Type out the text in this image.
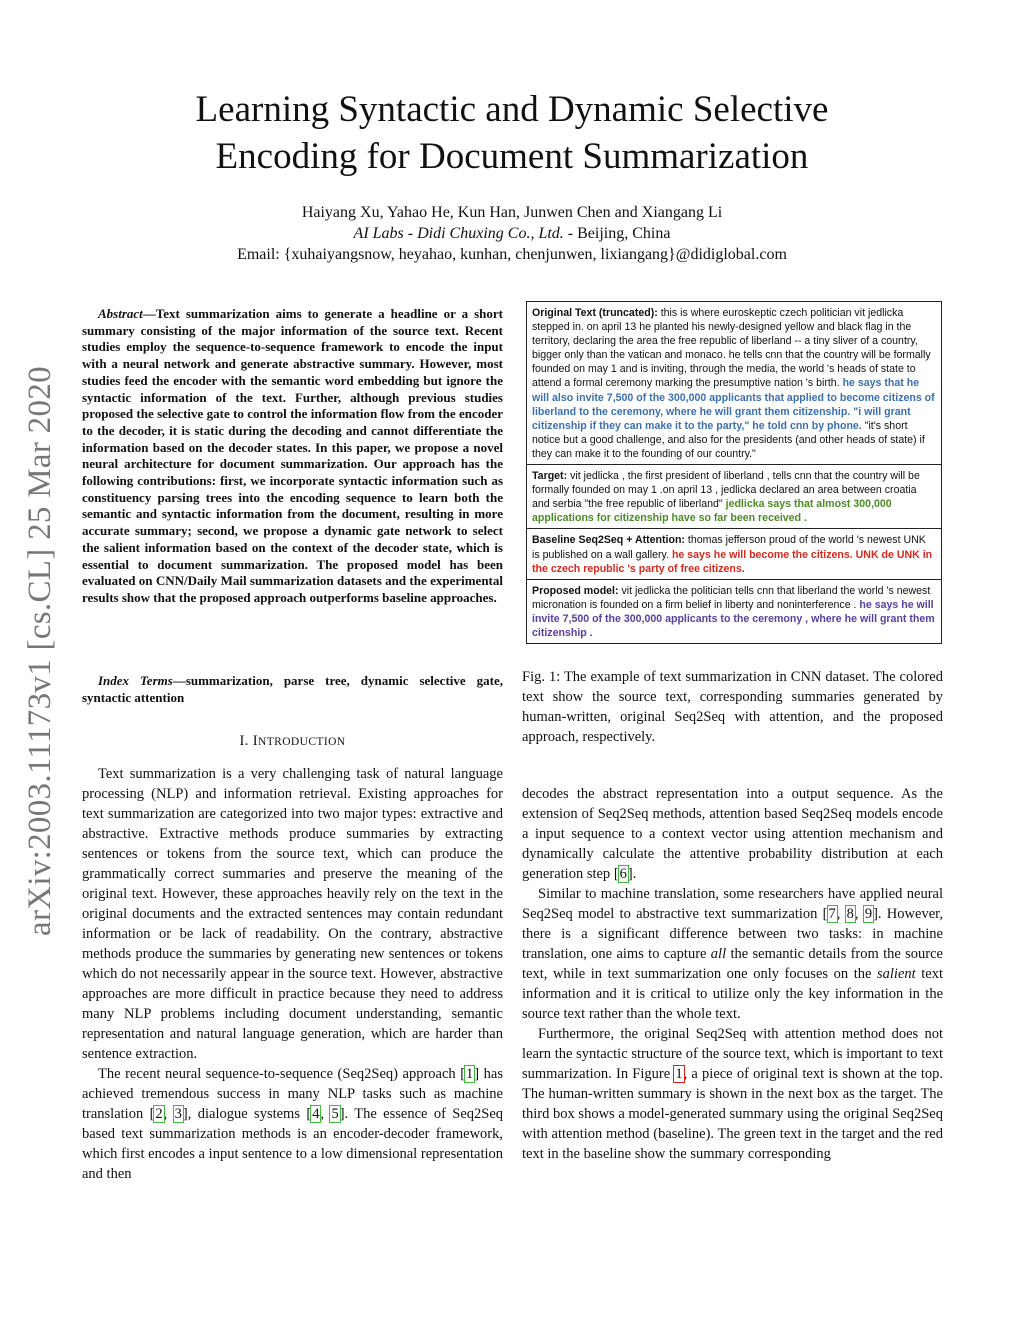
Learning Syntactic and Dynamic Selective
Encoding for Document Summarization
Haiyang Xu, Yahao He, Kun Han, Junwen Chen and Xiangang Li
AI Labs - Didi Chuxing Co., Ltd. - Beijing, China
Email: {xuhaiyangsnow, heyahao, kunhan, chenjunwen, lixiangang}@didiglobal.com
arXiv:2003.11173v1 [cs.CL] 25 Mar 2020
Abstract—Text summarization aims to generate a headline or a short summary consisting of the major information of the source text. Recent studies employ the sequence-to-sequence framework to encode the input with a neural network and generate abstractive summary. However, most studies feed the encoder with the semantic word embedding but ignore the syntactic information of the text. Further, although previous studies proposed the selective gate to control the information flow from the encoder to the decoder, it is static during the decoding and cannot differentiate the information based on the decoder states. In this paper, we propose a novel neural architecture for document summarization. Our approach has the following contributions: first, we incorporate syntactic information such as constituency parsing trees into the encoding sequence to learn both the semantic and syntactic information from the document, resulting in more accurate summary; second, we propose a dynamic gate network to select the salient information based on the context of the decoder state, which is essential to document summarization. The proposed model has been evaluated on CNN/Daily Mail summarization datasets and the experimental results show that the proposed approach outperforms baseline approaches.
Index Terms—summarization, parse tree, dynamic selective gate, syntactic attention
I. INTRODUCTION

Text summarization is a very challenging task of natural language processing (NLP) and information retrieval. Existing approaches for text summarization are categorized into two major types: extractive and abstractive. Extractive methods produce summaries by extracting sentences or tokens from the source text, which can produce the grammatically correct summaries and preserve the meaning of the original text. However, these approaches heavily rely on the text in the original documents and the extracted sentences may contain redundant information or be lack of readability. On the contrary, abstractive methods produce the summaries by generating new sentences or tokens which do not necessarily appear in the source text. However, abstractive approaches are more difficult in practice because they need to address many NLP problems including document understanding, semantic representation and natural language generation, which are harder than sentence extraction.

The recent neural sequence-to-sequence (Seq2Seq) approach [1] has achieved tremendous success in many NLP tasks such as machine translation [2, 3], dialogue systems [4, 5]. The essence of Seq2Seq based text summarization methods is an encoder-decoder framework, which first encodes a input sentence to a low dimensional representation and then

Original Text (truncated): this is where euroskeptic czech politician vit jedlicka stepped in. on april 13 he planted his newly-designed yellow and black flag in the territory, declaring the area the free republic of liberland -- a tiny sliver of a country, bigger only than the vatican and monaco. he tells cnn that the country will be formally founded on may 1 and is inviting, through the media, the world 's heads of state to attend a formal ceremony marking the presumptive nation 's birth. he says that he will also invite 7,500 of the 300,000 applicants that applied to become citizens of liberland to the ceremony, where he will grant them citizenship. "i will grant citizenship if they can make it to the party," he told cnn by phone. "it's short notice but a good challenge, and also for the presidents (and other heads of state) if they can make it to the founding of our country."
Target: vit jedlicka , the first president of liberland , tells cnn that the country will be formally founded on may 1 .on april 13 , jedlicka declared an area between croatia and serbia "the free republic of liberland" jedlicka says that almost 300,000 applications for citizenship have so far been received .
Baseline Seq2Seq + Attention: thomas jefferson proud of the world 's newest UNK is published on a wall gallery. he says he will become the citizens. UNK de UNK in the czech republic 's party of free citizens.
Proposed model: vit jedlicka the politician tells cnn that liberland the world 's newest micronation is founded on a firm belief in liberty and noninterference . he says he will invite 7,500 of the 300,000 applicants to the ceremony , where he will grant them citizenship .
Fig. 1: The example of text summarization in CNN dataset. The colored text show the source text, corresponding summaries generated by human-written, original Seq2Seq with attention, and the proposed approach, respectively.

decodes the abstract representation into a output sequence. As the extension of Seq2Seq methods, attention based Seq2Seq models encode a input sequence to a context vector using attention mechanism and dynamically calculate the attentive probability distribution at each generation step [6].

Similar to machine translation, some researchers have applied neural Seq2Seq model to abstractive text summarization [7, 8, 9]. However, there is a significant difference between two tasks: in machine translation, one aims to capture all the semantic details from the source text, while in text summarization one only focuses on the salient text information and it is critical to utilize only the key information in the source text rather than the whole text.

Furthermore, the original Seq2Seq with attention method does not learn the syntactic structure of the source text, which is important to text summarization. In Figure 1, a piece of original text is shown at the top. The human-written summary is shown in the next box as the target. The third box shows a model-generated summary using the original Seq2Seq with attention method (baseline). The green text in the target and the red text in the baseline show the summary corresponding
